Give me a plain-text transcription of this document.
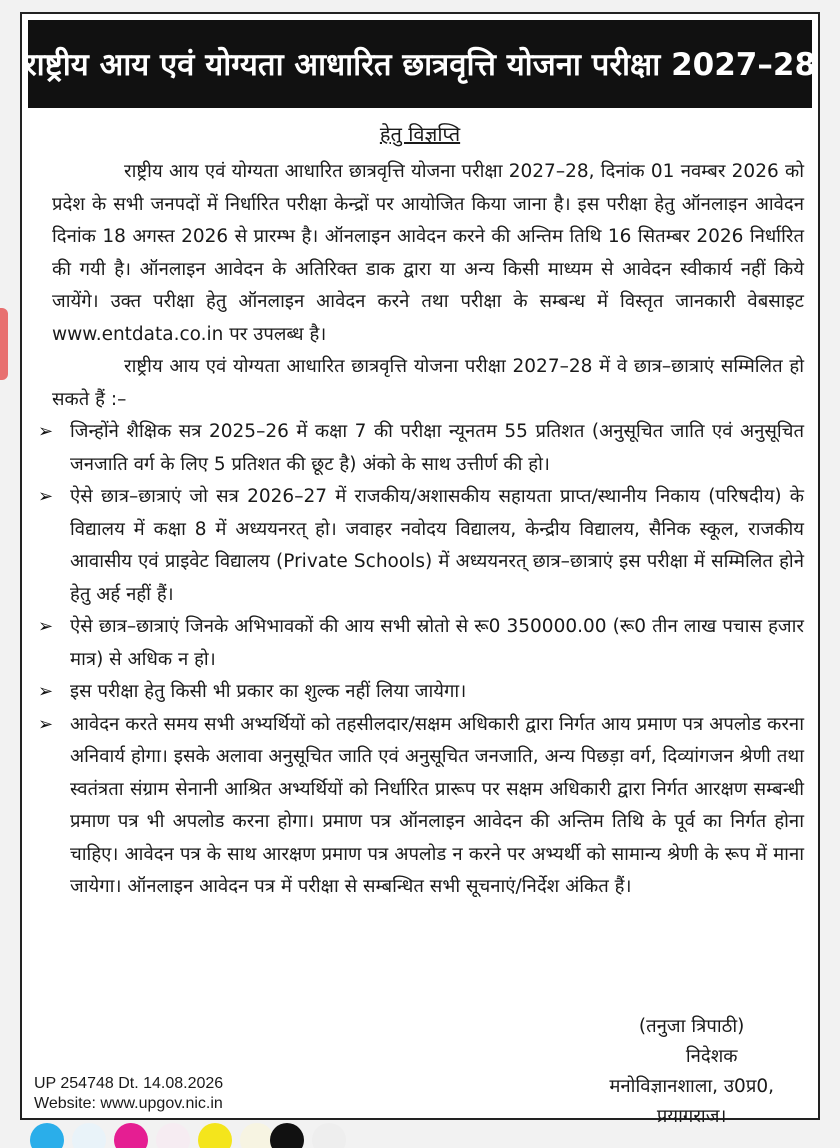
राष्ट्रीय आय एवं योग्यता आधारित छात्रवृत्ति योजना परीक्षा 2027–28
हेतु विज्ञप्ति

राष्ट्रीय आय एवं योग्यता आधारित छात्रवृत्ति योजना परीक्षा 2027–28, दिनांक 01 नवम्बर 2026 को प्रदेश के सभी जनपदों में निर्धारित परीक्षा केन्द्रों पर आयोजित किया जाना है। इस परीक्षा हेतु ऑनलाइन आवेदन दिनांक 18 अगस्त 2026 से प्रारम्भ है। ऑनलाइन आवेदन करने की अन्तिम तिथि 16 सितम्बर 2026 निर्धारित की गयी है। ऑनलाइन आवेदन के अतिरिक्त डाक द्वारा या अन्य किसी माध्यम से आवेदन स्वीकार्य नहीं किये जायेंगे। उक्त परीक्षा हेतु ऑनलाइन आवेदन करने तथा परीक्षा के सम्बन्ध में विस्तृत जानकारी वेबसाइट www.entdata.co.in पर उपलब्ध है।

राष्ट्रीय आय एवं योग्यता आधारित छात्रवृत्ति योजना परीक्षा 2027–28 में वे छात्र–छात्राएं सम्मिलित हो सकते हैं :–

➢ जिन्होंने शैक्षिक सत्र 2025–26 में कक्षा 7 की परीक्षा न्यूनतम 55 प्रतिशत (अनुसूचित जाति एवं अनुसूचित जनजाति वर्ग के लिए 5 प्रतिशत की छूट है) अंको के साथ उत्तीर्ण की हो।
➢ ऐसे छात्र–छात्राएं जो सत्र 2026–27 में राजकीय/अशासकीय सहायता प्राप्त/स्थानीय निकाय (परिषदीय) के विद्यालय में कक्षा 8 में अध्ययनरत् हो। जवाहर नवोदय विद्यालय, केन्द्रीय विद्यालय, सैनिक स्कूल, राजकीय आवासीय एवं प्राइवेट विद्यालय (Private Schools) में अध्ययनरत् छात्र–छात्राएं इस परीक्षा में सम्मिलित होने हेतु अर्ह नहीं हैं।
➢ ऐसे छात्र–छात्राएं जिनके अभिभावकों की आय सभी स्रोतो से रू0 350000.00 (रू0 तीन लाख पचास हजार मात्र) से अधिक न हो।
➢ इस परीक्षा हेतु किसी भी प्रकार का शुल्क नहीं लिया जायेगा।
➢ आवेदन करते समय सभी अभ्यर्थियों को तहसीलदार/सक्षम अधिकारी द्वारा निर्गत आय प्रमाण पत्र अपलोड करना अनिवार्य होगा। इसके अलावा अनुसूचित जाति एवं अनुसूचित जनजाति, अन्य पिछड़ा वर्ग, दिव्यांगजन श्रेणी तथा स्वतंत्रता संग्राम सेनानी आश्रित अभ्यर्थियों को निर्धारित प्रारूप पर सक्षम अधिकारी द्वारा निर्गत आरक्षण सम्बन्धी प्रमाण पत्र भी अपलोड करना होगा। प्रमाण पत्र ऑनलाइन आवेदन की अन्तिम तिथि के पूर्व का निर्गत होना चाहिए। आवेदन पत्र के साथ आरक्षण प्रमाण पत्र अपलोड न करने पर अभ्यर्थी को सामान्य श्रेणी के रूप में माना जायेगा। ऑनलाइन आवेदन पत्र में परीक्षा से सम्बन्धित सभी सूचनाएं/निर्देश अंकित हैं।
(तनुजा त्रिपाठी)
निदेशक
मनोविज्ञानशाला, उ0प्र0,
प्रयागराज।
UP 254748 Dt. 14.08.2026
Website: www.upgov.nic.in
